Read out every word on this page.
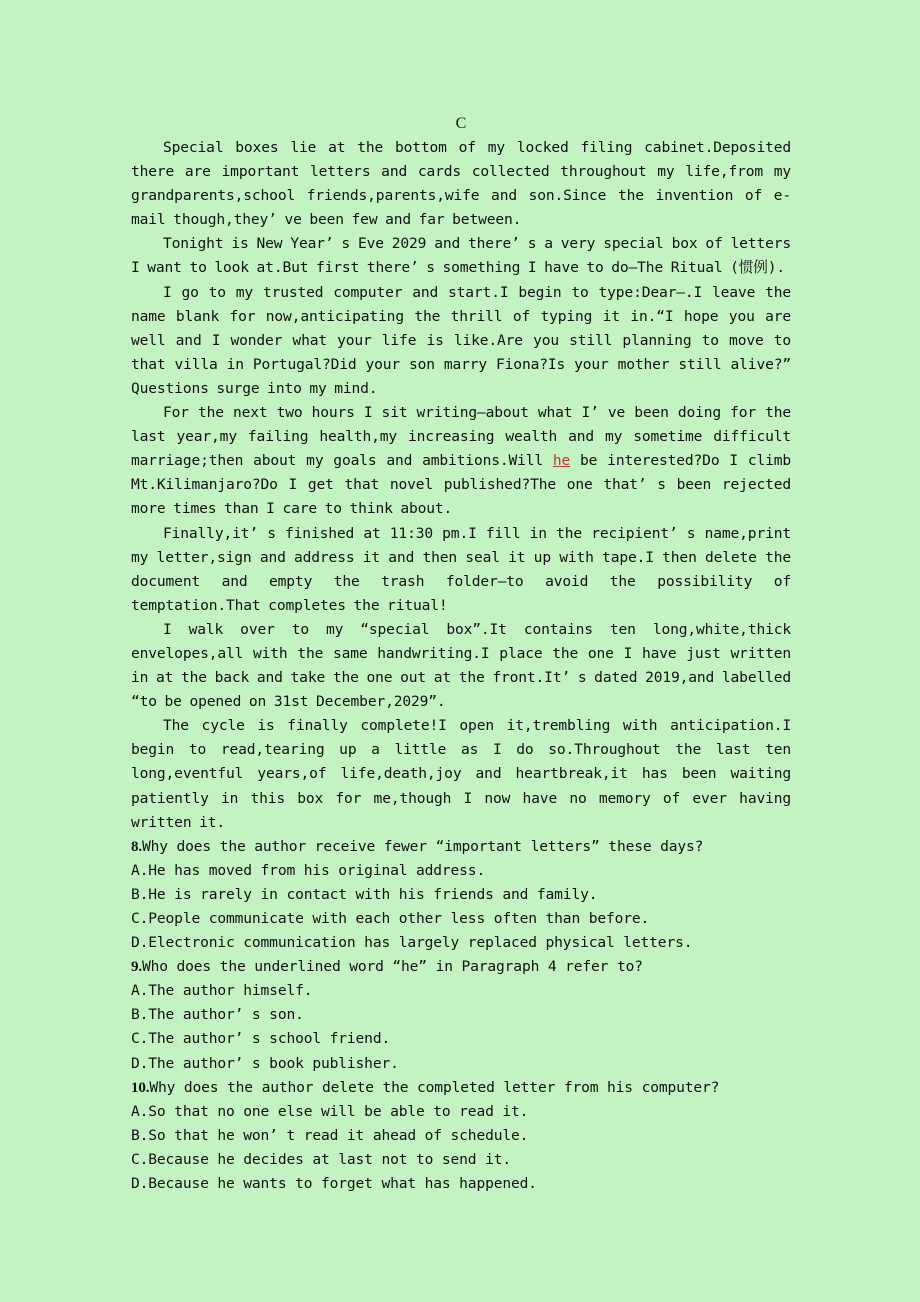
C

Special boxes lie at the bottom of my locked filing cabinet.Deposited there are important letters and cards collected throughout my life,from my grandparents,school friends,parents,wife and son.Since the invention of e-mail though,they’ ve been few and far between.

Tonight is New Year’ s Eve 2029 and there’ s a very special box of letters I want to look at.But first there’ s something I have to do—The Ritual (惯例).

I go to my trusted computer and start.I begin to type:Dear—.I leave the name blank for now,anticipating the thrill of typing it in.“I hope you are well and I wonder what your life is like.Are you still planning to move to that villa in Portugal?Did your son marry Fiona?Is your mother still alive?” Questions surge into my mind.

For the next two hours I sit writing—about what I’ ve been doing for the last year,my failing health,my increasing wealth and my sometime difficult marriage;then about my goals and ambitions.Will he be interested?Do I climb Mt.Kilimanjaro?Do I get that novel published?The one that’ s been rejected more times than I care to think about.

Finally,it’ s finished at 11:30 pm.I fill in the recipient’ s name,print my letter,sign and address it and then seal it up with tape.I then delete the document and empty the trash folder—to avoid the possibility of temptation.That completes the ritual!

I walk over to my “special box”.It contains ten long,white,thick envelopes,all with the same handwriting.I place the one I have just written in at the back and take the one out at the front.It’ s dated 2019,and labelled “to be opened on 31st December,2029”.

The cycle is finally complete!I open it,trembling with anticipation.I begin to read,tearing up a little as I do so.Throughout the last ten long,eventful years,of life,death,joy and heartbreak,it has been waiting patiently in this box for me,though I now have no memory of ever having written it.

8.Why does the author receive fewer “important letters” these days?

A.He has moved from his original address.

B.He is rarely in contact with his friends and family.

C.People communicate with each other less often than before.

D.Electronic communication has largely replaced physical letters.

9.Who does the underlined word “he” in Paragraph 4 refer to?

A.The author himself.

B.The author’ s son.

C.The author’ s school friend.

D.The author’ s book publisher.

10.Why does the author delete the completed letter from his computer?

A.So that no one else will be able to read it.

B.So that he won’ t read it ahead of schedule.

C.Because he decides at last not to send it.

D.Because he wants to forget what has happened.
